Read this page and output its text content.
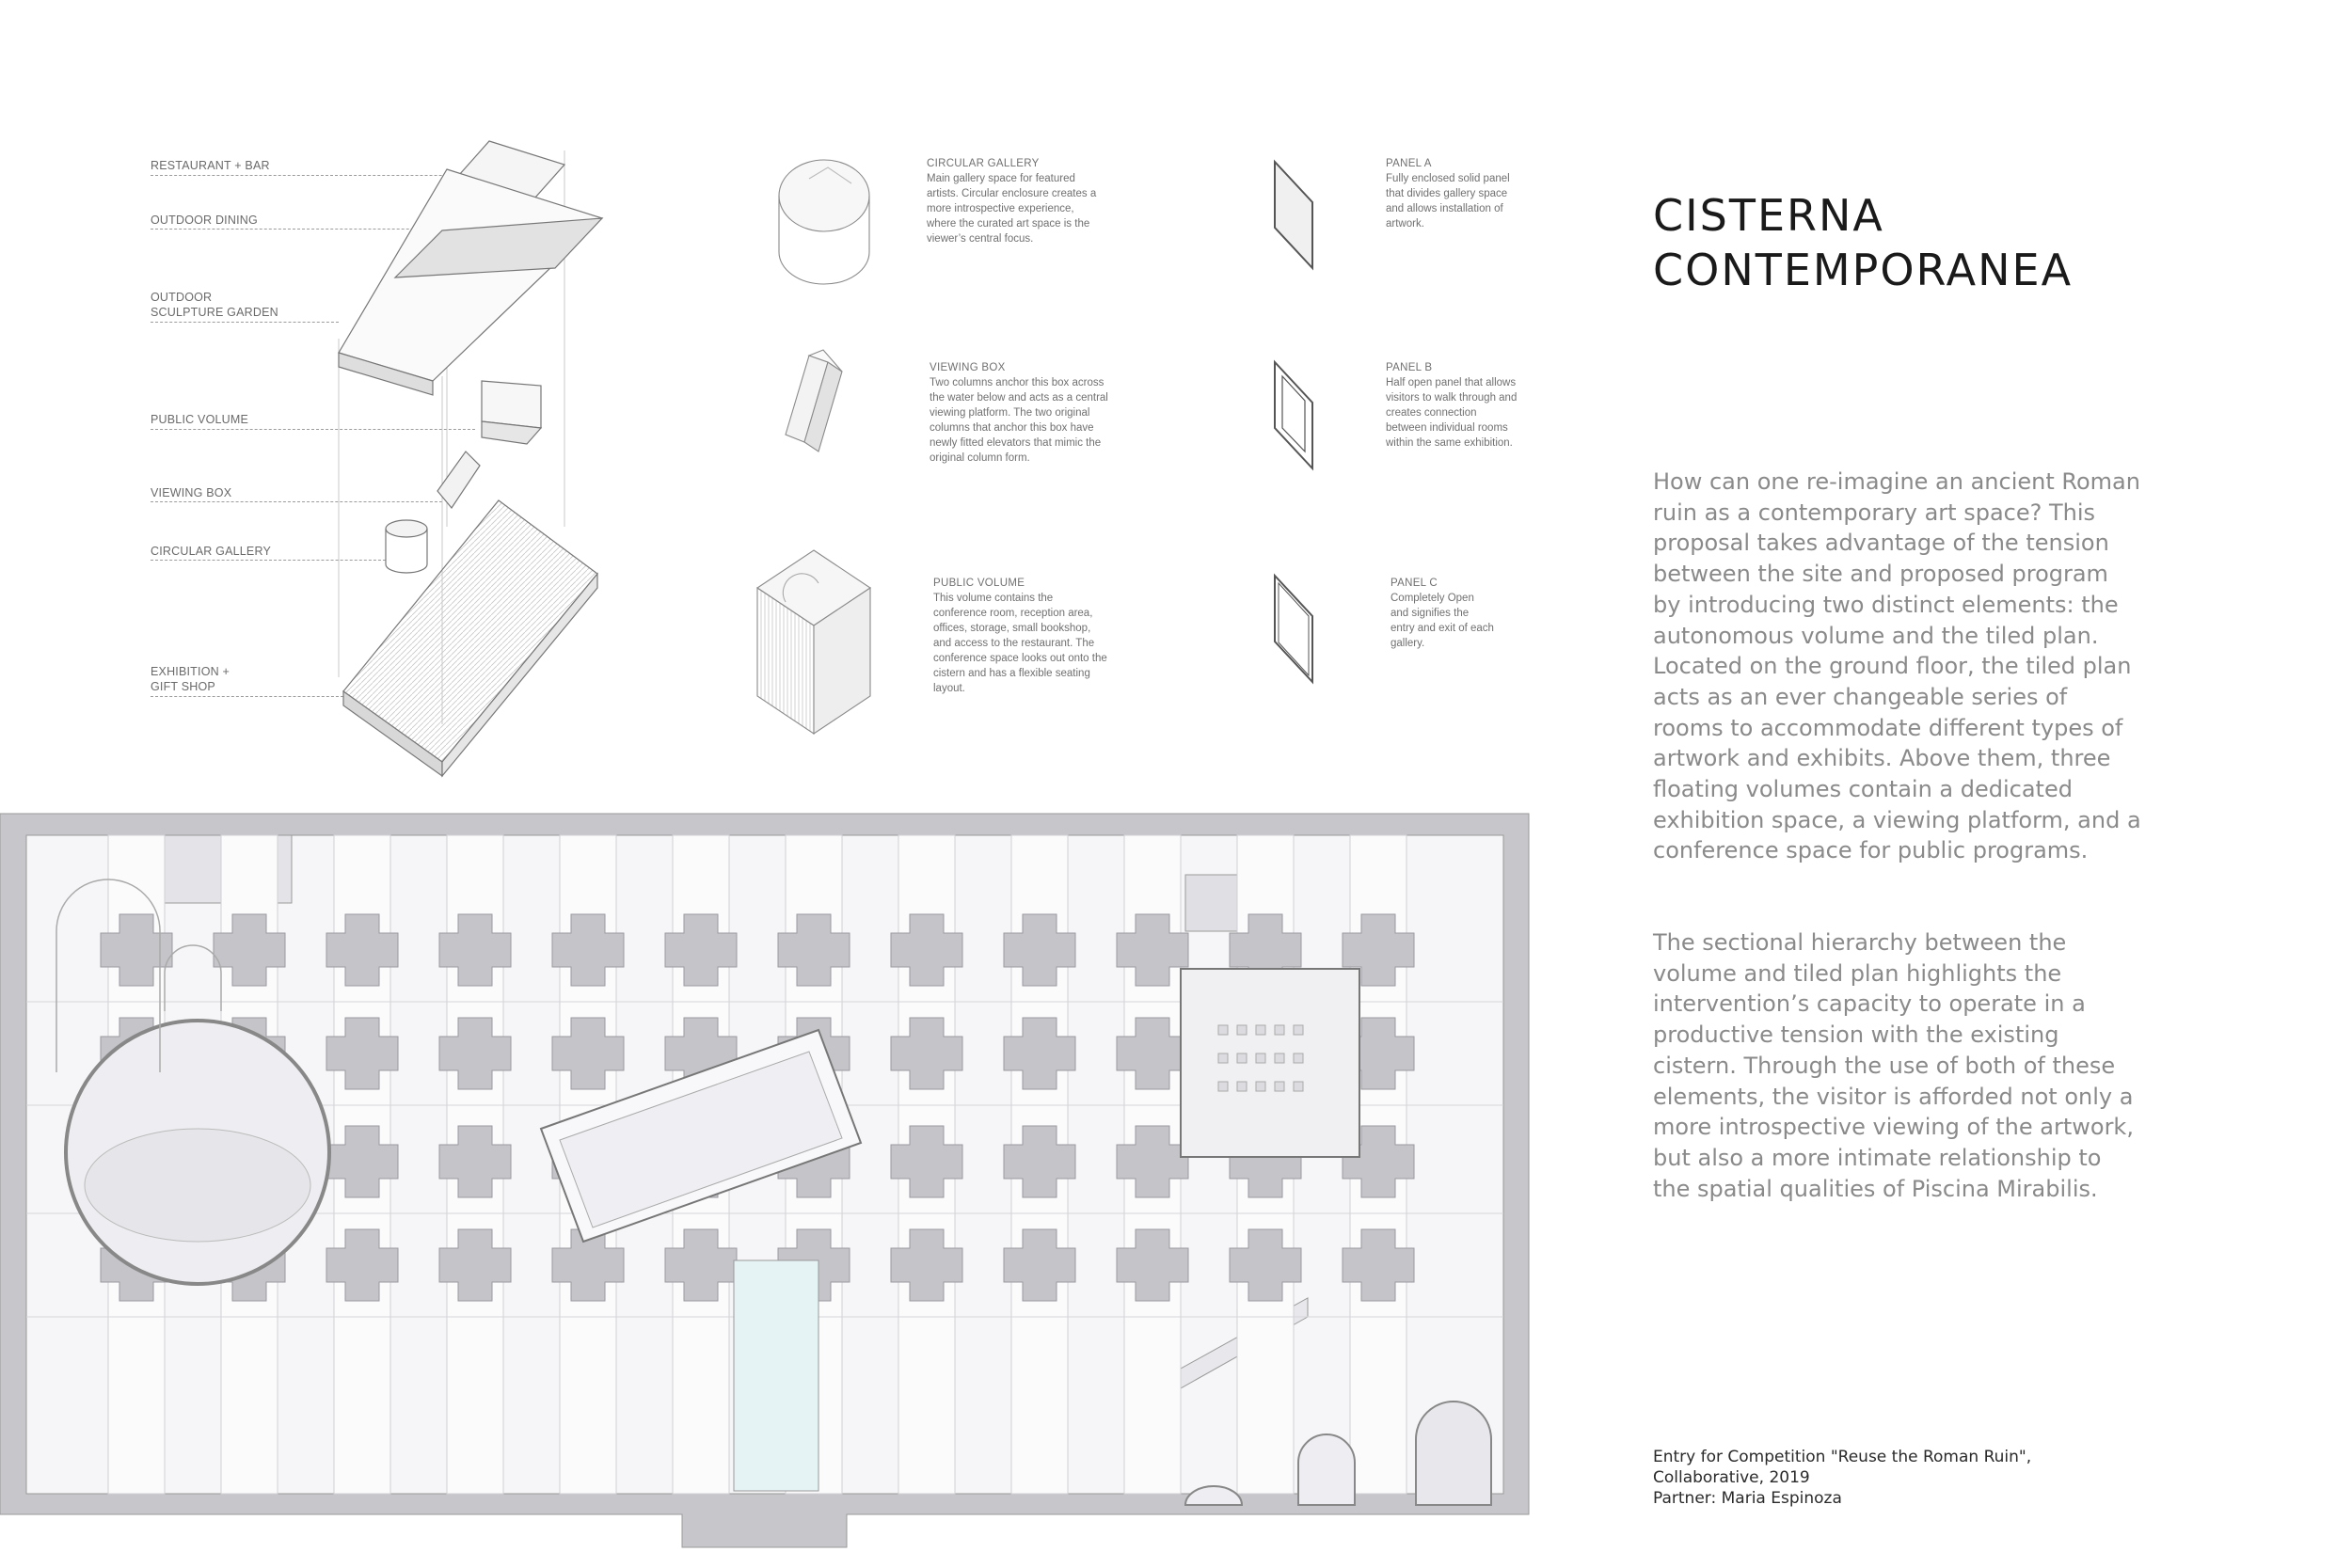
RESTAURANT + BAR
OUTDOOR DINING
OUTDOOR
SCULPTURE GARDEN
PUBLIC VOLUME
VIEWING BOX
CIRCULAR GALLERY
EXHIBITION +
GIFT SHOP
CIRCULAR GALLERY
Main gallery space for featured artists. Circular enclosure creates a more introspective experience, where the curated art space is the viewer’s central focus.
VIEWING BOX
Two columns anchor this box across the water below and acts as a central viewing platform. The two original columns that anchor this box have newly fitted elevators that mimic the original column form.
PUBLIC VOLUME
This volume contains the conference room, reception area, offices, storage, small bookshop, and access to the restaurant. The conference space looks out onto the cistern and has a flexible seating layout.
PANEL A
Fully enclosed solid panel that divides gallery space and allows installation of artwork.
PANEL B
Half open panel that allows visitors to walk through and creates connection between individual rooms within the same exhibition.
PANEL C
Completely Open and signifies the entry and exit of each gallery.
CISTERNA
CONTEMPORANEA

How can one re-imagine an ancient Roman ruin as a contemporary art space? This proposal takes advantage of the tension between the site and proposed program by introducing two distinct elements: the autonomous volume and the tiled plan. Located on the ground floor, the tiled plan acts as an ever changeable series of rooms to accommodate different types of artwork and exhibits. Above them, three floating volumes contain a dedicated exhibition space, a viewing platform, and a conference space for public programs.

The sectional hierarchy between the volume and tiled plan highlights the intervention’s capacity to operate in a productive tension with the existing cistern. Through the use of both of these elements, the visitor is afforded not only a more introspective viewing of the artwork, but also a more intimate relationship to the spatial qualities of Piscina Mirabilis.

Entry for Competition "Reuse the Roman Ruin",
Collaborative, 2019
Partner: Maria Espinoza
